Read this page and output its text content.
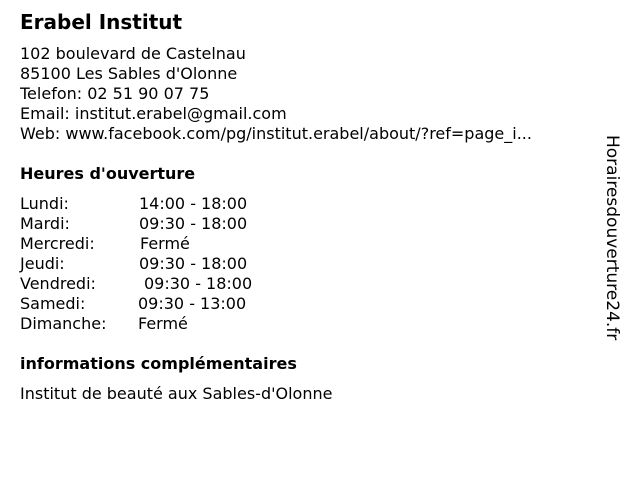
Erabel Institut
102 boulevard de Castelnau
85100 Les Sables d'Olonne
Telefon: 02 51 90 07 75
Email: institut.erabel@gmail.com
Web: www.facebook.com/pg/institut.erabel/about/?ref=page_i...
Heures d'ouverture
Lundi:	14:00 - 18:00
Mardi:	09:30 - 18:00
Mercredi:	Fermé
Jeudi:	09:30 - 18:00
Vendredi:	09:30 - 18:00
Samedi:	09:30 - 13:00
Dimanche: Fermé
informations complémentaires
Institut de beauté aux Sables-d'Olonne
Horairesdouverture24.fr
